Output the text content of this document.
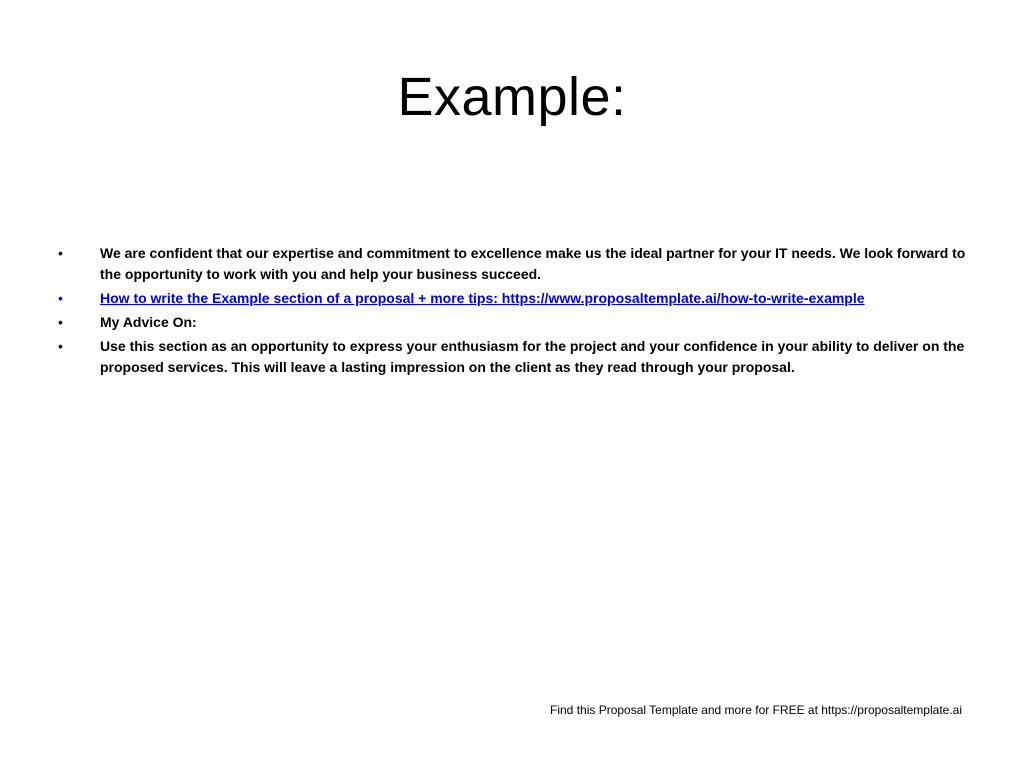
Example:
•	We are confident that our expertise and commitment to excellence make us the ideal partner for your IT needs. We look forward to the opportunity to work with you and help your business succeed.
•	How to write the Example section of a proposal + more tips: https://www.proposaltemplate.ai/how-to-write-example
•	My Advice On:
•	Use this section as an opportunity to express your enthusiasm for the project and your confidence in your ability to deliver on the proposed services. This will leave a lasting impression on the client as they read through your proposal.
Find this Proposal Template and more for FREE at https://proposaltemplate.ai
